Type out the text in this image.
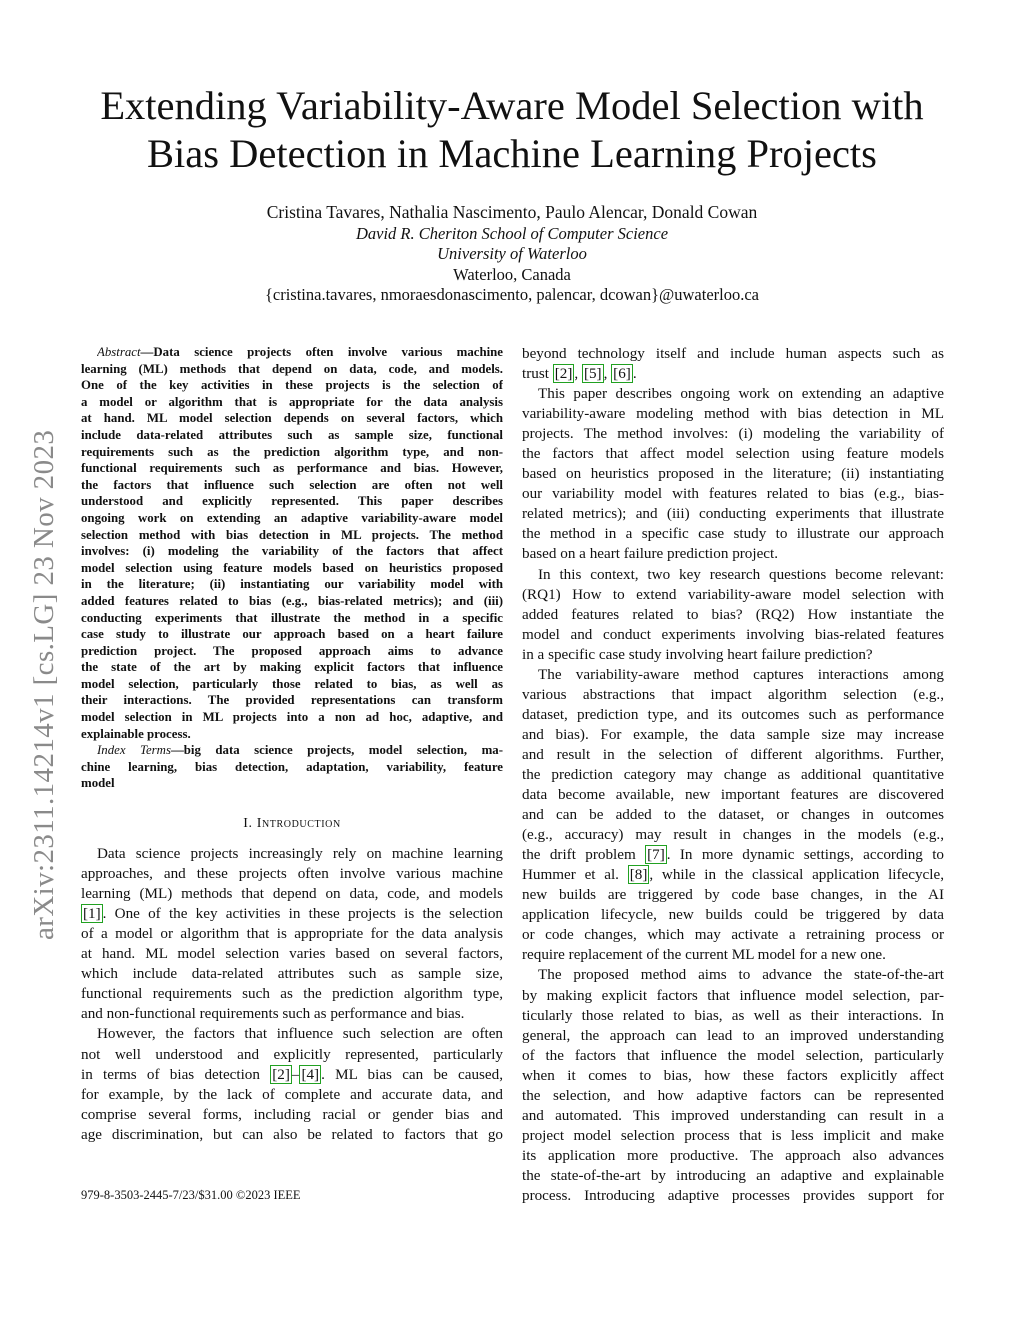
Extending Variability-Aware Model Selection with
Bias Detection in Machine Learning Projects
Cristina Tavares, Nathalia Nascimento, Paulo Alencar, Donald Cowan
David R. Cheriton School of Computer Science
University of Waterloo
Waterloo, Canada
{cristina.tavares, nmoraesdonascimento, palencar, dcowan}@uwaterloo.ca
arXiv:2311.14214v1 [cs.LG] 23 Nov 2023
Abstract—Data science projects often involve various machine
learning (ML) methods that depend on data, code, and models.
One of the key activities in these projects is the selection of
a model or algorithm that is appropriate for the data analysis
at hand. ML model selection depends on several factors, which
include data-related attributes such as sample size, functional
requirements such as the prediction algorithm type, and non-
functional requirements such as performance and bias. However,
the factors that influence such selection are often not well
understood and explicitly represented. This paper describes
ongoing work on extending an adaptive variability-aware model
selection method with bias detection in ML projects. The method
involves: (i) modeling the variability of the factors that affect
model selection using feature models based on heuristics proposed
in the literature; (ii) instantiating our variability model with
added features related to bias (e.g., bias-related metrics); and (iii)
conducting experiments that illustrate the method in a specific
case study to illustrate our approach based on a heart failure
prediction project. The proposed approach aims to advance
the state of the art by making explicit factors that influence
model selection, particularly those related to bias, as well as
their interactions. The provided representations can transform
model selection in ML projects into a non ad hoc, adaptive, and
explainable process.
Index Terms—big data science projects, model selection, ma-
chine learning, bias detection, adaptation, variability, feature
model
I. Introduction
Data science projects increasingly rely on machine learning
approaches, and these projects often involve various machine
learning (ML) methods that depend on data, code, and models
[1] . One of the key activities in these projects is the selection
of a model or algorithm that is appropriate for the data analysis
at hand. ML model selection varies based on several factors,
which include data-related attributes such as sample size,
functional requirements such as the prediction algorithm type,
and non-functional requirements such as performance and bias.
However, the factors that influence such selection are often
not well understood and explicitly represented, particularly
in terms of bias detection [2] – [4] . ML bias can be caused,
for example, by the lack of complete and accurate data, and
comprise several forms, including racial or gender bias and
age discrimination, but can also be related to factors that go
beyond technology itself and include human aspects such as
trust [2] , [5] , [6] .
This paper describes ongoing work on extending an adaptive
variability-aware modeling method with bias detection in ML
projects. The method involves: (i) modeling the variability of
the factors that affect model selection using feature models
based on heuristics proposed in the literature; (ii) instantiating
our variability model with features related to bias (e.g., bias-
related metrics); and (iii) conducting experiments that illustrate
the method in a specific case study to illustrate our approach
based on a heart failure prediction project.
In this context, two key research questions become relevant:
(RQ1) How to extend variability-aware model selection with
added features related to bias? (RQ2) How instantiate the
model and conduct experiments involving bias-related features
in a specific case study involving heart failure prediction?
The variability-aware method captures interactions among
various abstractions that impact algorithm selection (e.g.,
dataset, prediction type, and its outcomes such as performance
and bias). For example, the data sample size may increase
and result in the selection of different algorithms. Further,
the prediction category may change as additional quantitative
data become available, new important features are discovered
and can be added to the dataset, or changes in outcomes
(e.g., accuracy) may result in changes in the models (e.g.,
the drift problem [7] . In more dynamic settings, according to
Hummer et al. [8] , while in the classical application lifecycle,
new builds are triggered by code base changes, in the AI
application lifecycle, new builds could be triggered by data
or code changes, which may activate a retraining process or
require replacement of the current ML model for a new one.
The proposed method aims to advance the state-of-the-art
by making explicit factors that influence model selection, par-
ticularly those related to bias, as well as their interactions. In
general, the approach can lead to an improved understanding
of the factors that influence the model selection, particularly
when it comes to bias, how these factors explicitly affect
the selection, and how adaptive factors can be represented
and automated. This improved understanding can result in a
project model selection process that is less implicit and make
its application more productive. The approach also advances
the state-of-the-art by introducing an adaptive and explainable
process. Introducing adaptive processes provides support for
979-8-3503-2445-7/23/$31.00 ©2023 IEEE
